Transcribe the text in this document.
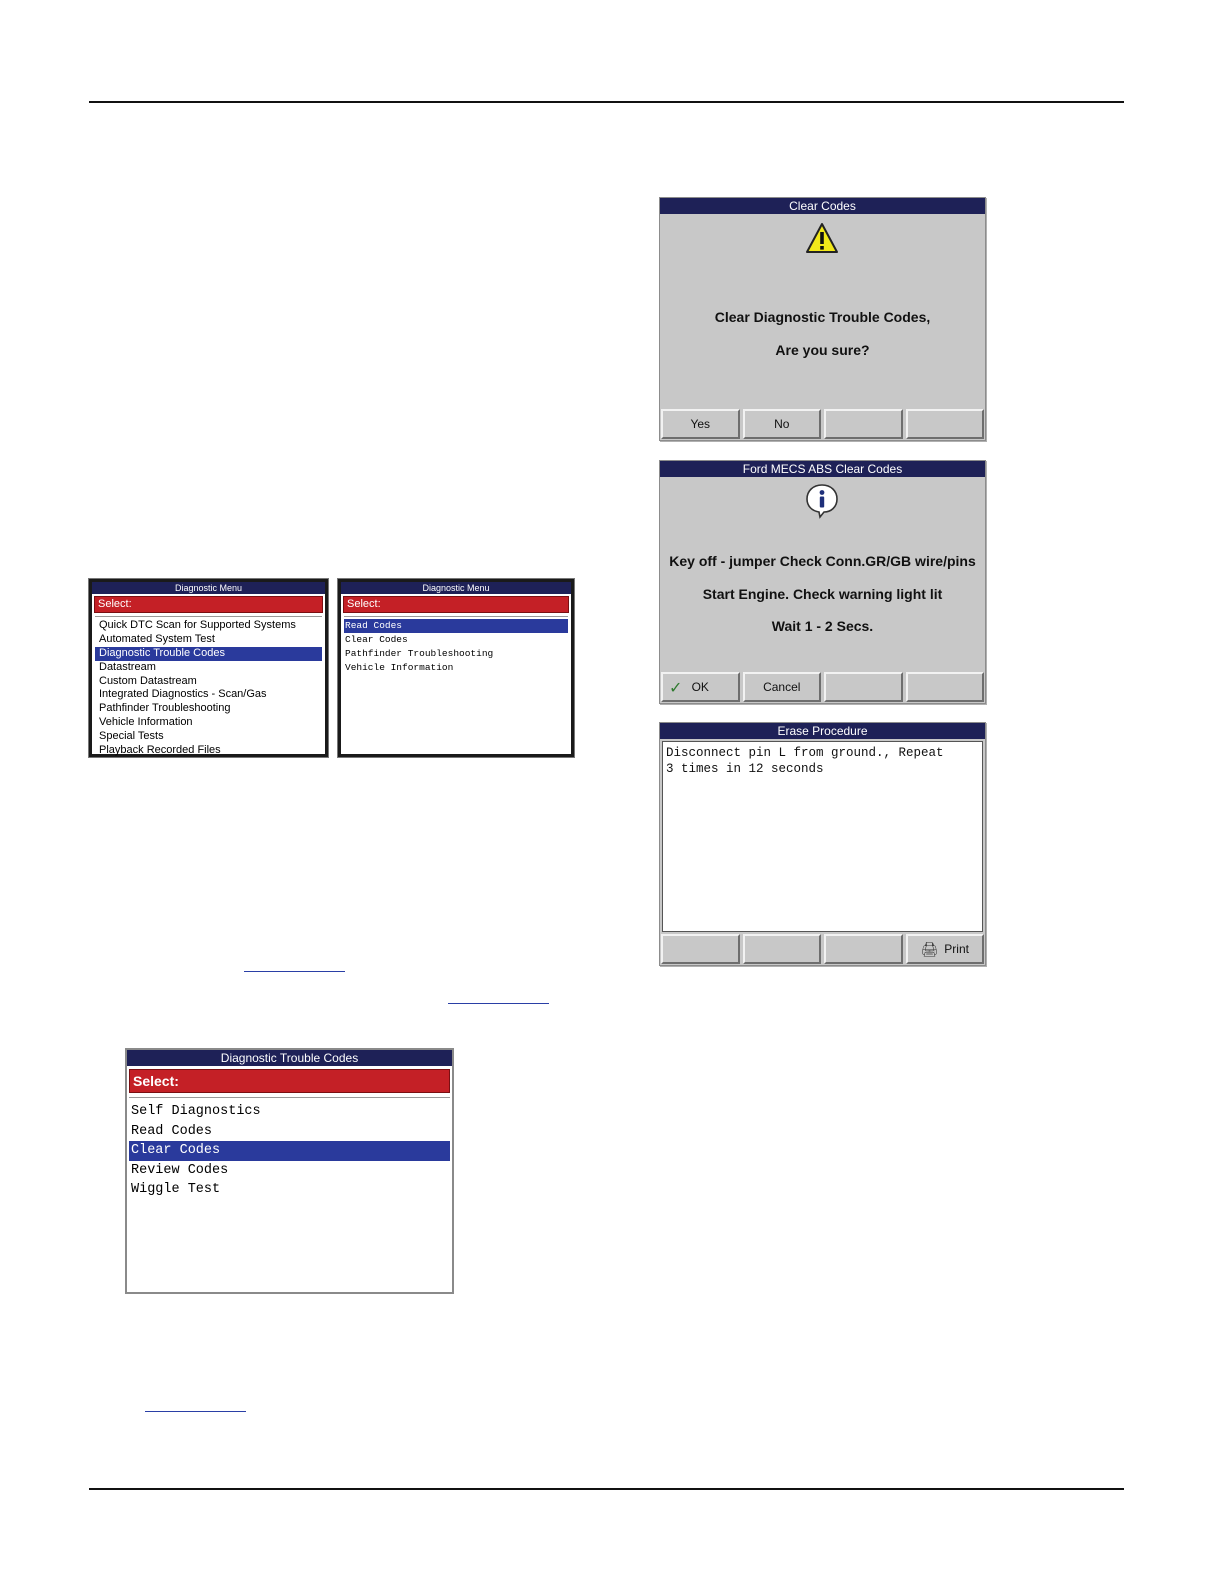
Diagnostic Menu
Select:
Quick DTC Scan for Supported Systems
Automated System Test
Diagnostic Trouble Codes
Datastream
Custom Datastream
Integrated Diagnostics - Scan/Gas
Pathfinder Troubleshooting
Vehicle Information
Special Tests
Playback Recorded Files
Diagnostic Menu
Select:
Read Codes
Clear Codes
Pathfinder Troubleshooting
Vehicle Information
Diagnostic Trouble Codes
Select:
Self Diagnostics
Read Codes
Clear Codes
Review Codes
Wiggle Test
Clear Codes
Clear Diagnostic Trouble Codes,
Are you sure?
Yes	No
Ford MECS ABS Clear Codes
Key off - jumper Check Conn.GR/GB wire/pins
Start Engine. Check warning light lit
Wait 1 - 2 Secs.
✓ OK	Cancel
Erase Procedure
Disconnect pin L from ground., Repeat
3 times in 12 seconds
🖨 Print
